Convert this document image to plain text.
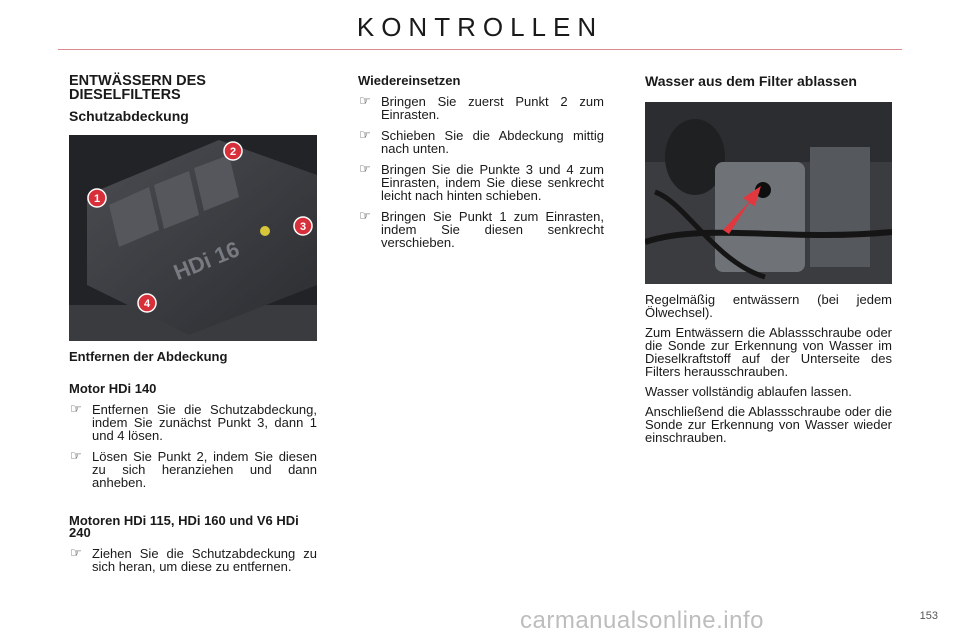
KONTROLLEN
ENTWÄSSERN DES DIESELFILTERS
Schutzabdeckung
HDi 16
1
2
3
4
Entfernen der Abdeckung
Motor HDi 140
☞ Entfernen Sie die Schutzabdeckung, indem Sie zunächst Punkt 3, dann 1 und 4 lösen.
☞ Lösen Sie Punkt 2, indem Sie diesen zu sich heranziehen und dann anheben.
Motoren HDi 115, HDi 160 und V6 HDi 240
☞ Ziehen Sie die Schutzabdeckung zu sich heran, um diese zu entfernen.
Wiedereinsetzen
☞ Bringen Sie zuerst Punkt 2 zum Einrasten.
☞ Schieben Sie die Abdeckung mittig nach unten.
☞ Bringen Sie die Punkte 3 und 4 zum Einrasten, indem Sie diese senkrecht leicht nach hinten schieben.
☞ Bringen Sie Punkt 1 zum Einrasten, indem Sie diesen senkrecht verschieben.
Wasser aus dem Filter ablassen

Regelmäßig entwässern (bei jedem Ölwechsel).

Zum Entwässern die Ablassschraube oder die Sonde zur Erkennung von Wasser im Dieselkraftstoff auf der Unterseite des Filters herausschrauben.

Wasser vollständig ablaufen lassen.

Anschließend die Ablassschraube oder die Sonde zur Erkennung von Wasser wieder einschrauben.

carmanualsonline.info	153
